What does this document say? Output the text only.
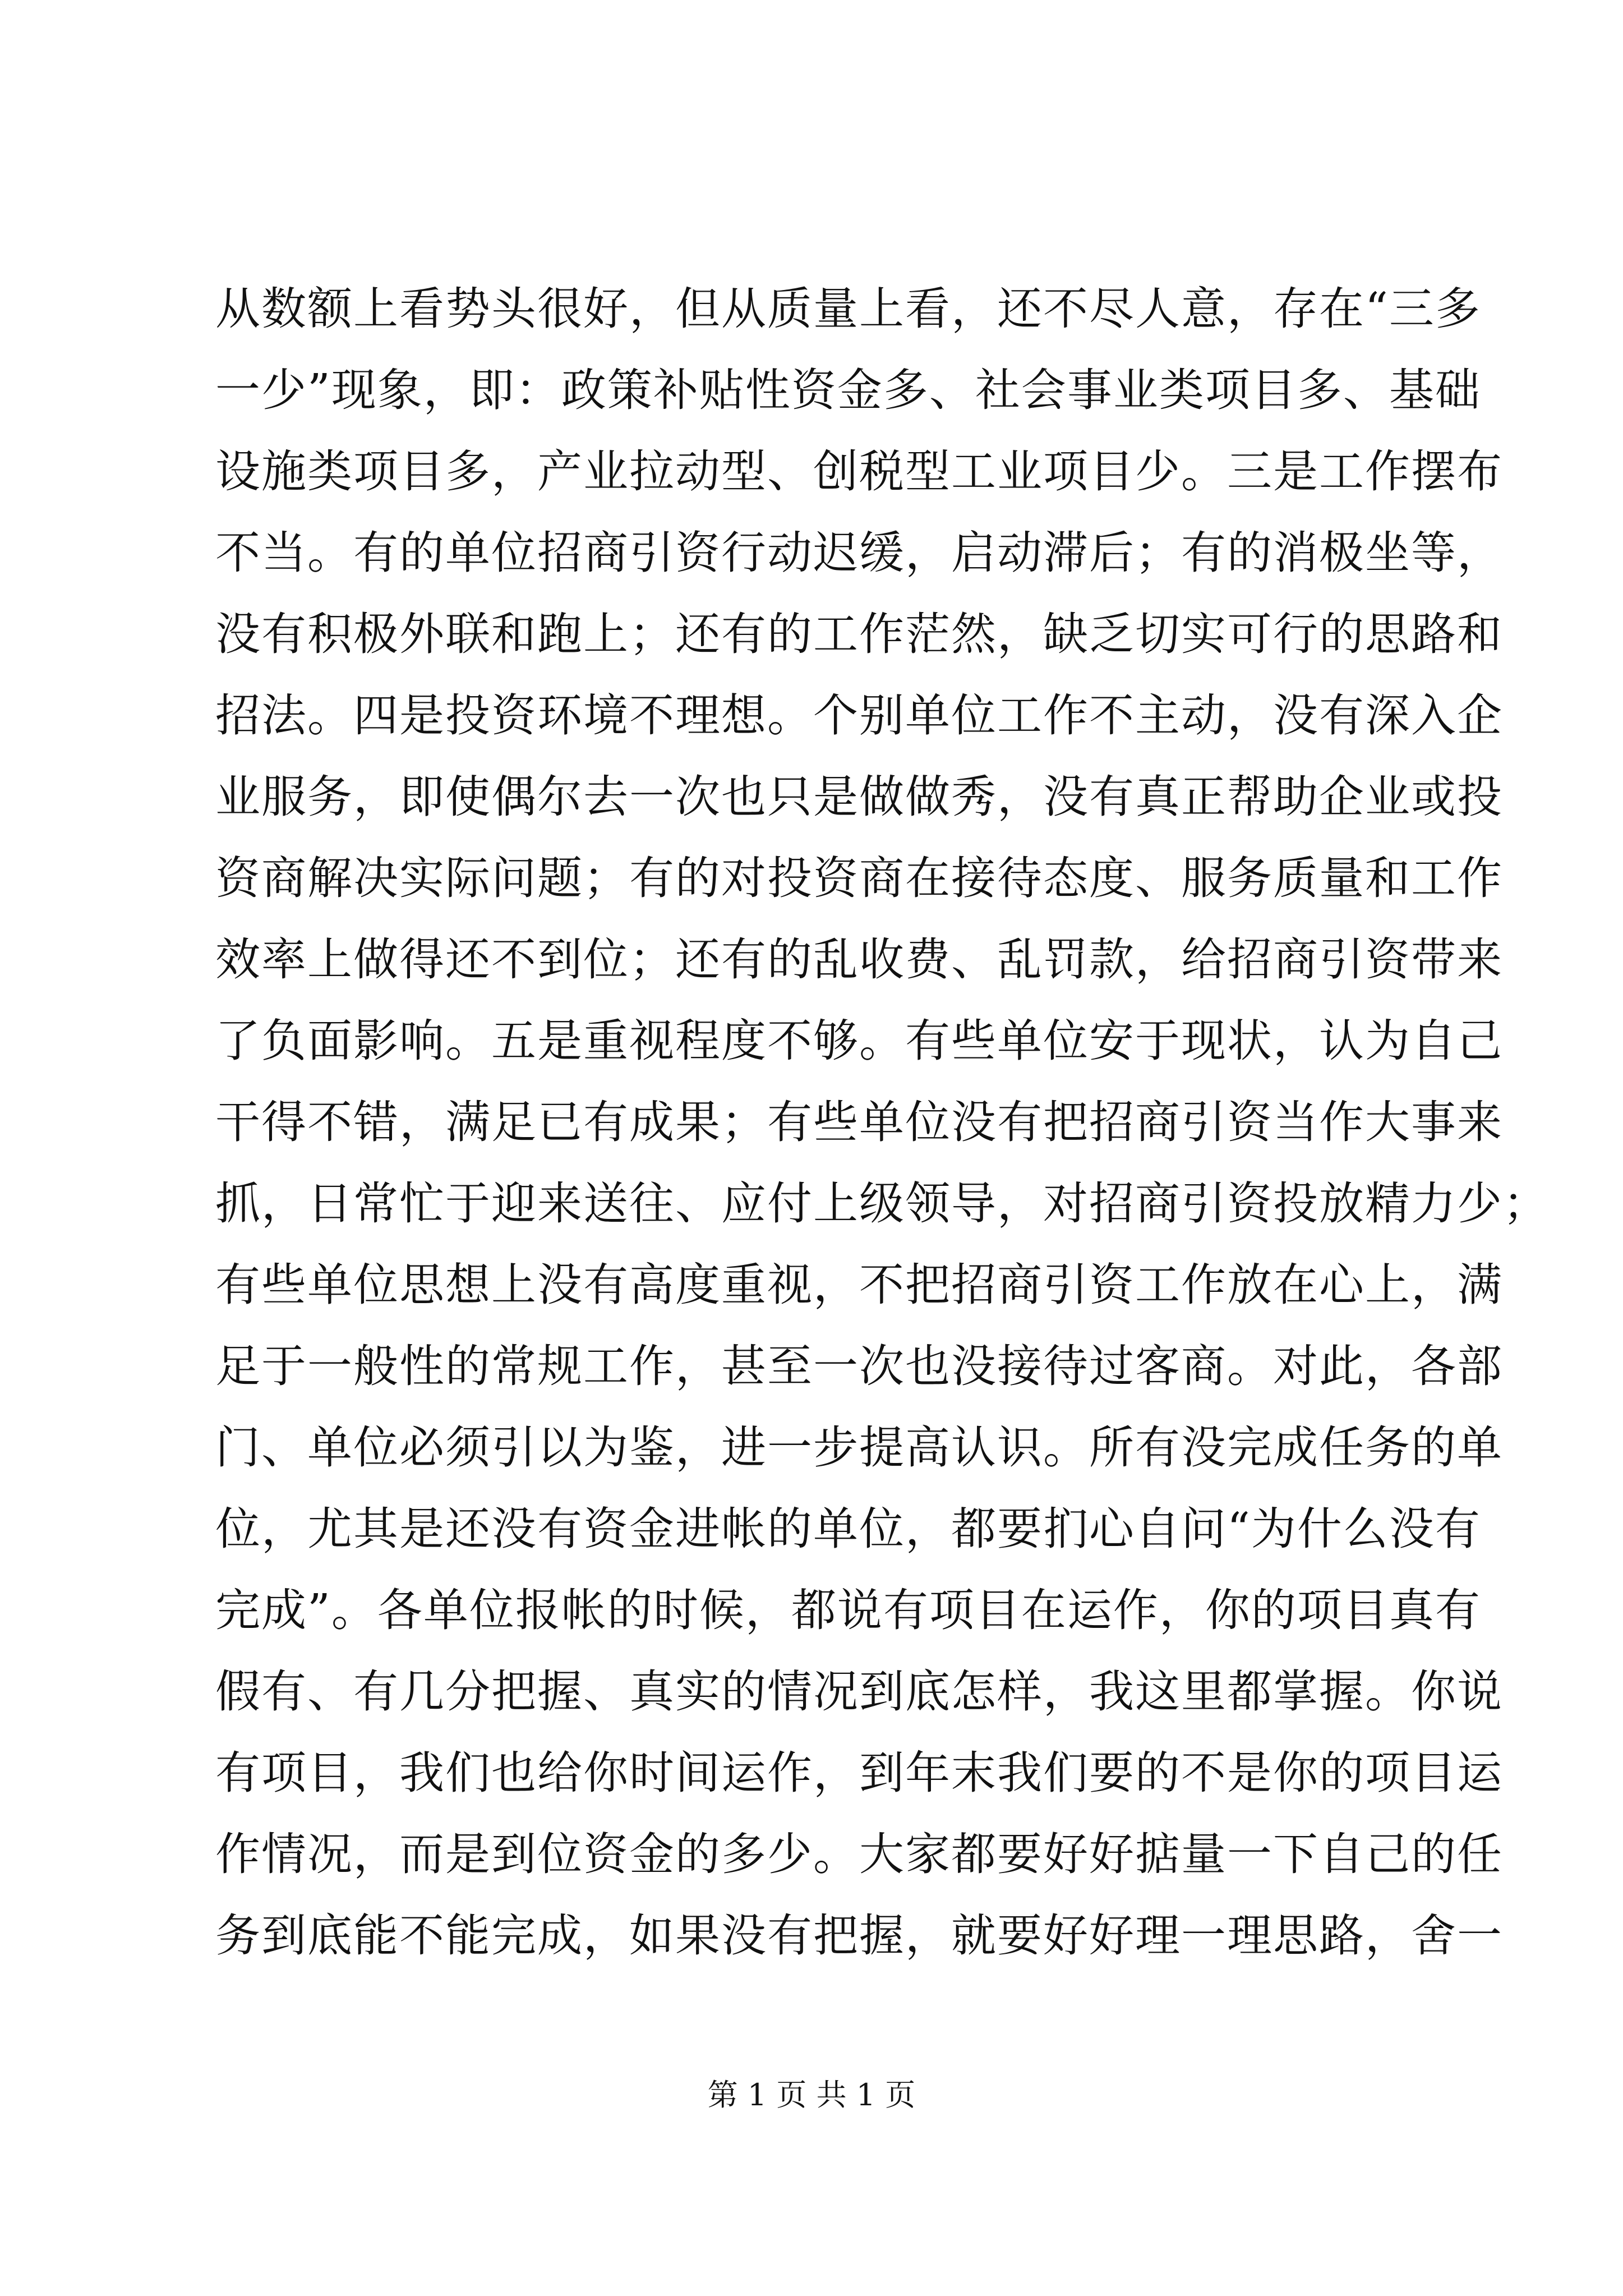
从数额上看势头很好，但从质量上看，还不尽人意，存在“三多
一少”现象，即：政策补贴性资金多、社会事业类项目多、基础
设施类项目多，产业拉动型、创税型工业项目少。三是工作摆布
不当。有的单位招商引资行动迟缓，启动滞后；有的消极坐等，
没有积极外联和跑上；还有的工作茫然，缺乏切实可行的思路和
招法。四是投资环境不理想。个别单位工作不主动，没有深入企
业服务，即使偶尔去一次也只是做做秀，没有真正帮助企业或投
资商解决实际问题；有的对投资商在接待态度、服务质量和工作
效率上做得还不到位；还有的乱收费、乱罚款，给招商引资带来
了负面影响。五是重视程度不够。有些单位安于现状，认为自己
干得不错，满足已有成果；有些单位没有把招商引资当作大事来
抓，日常忙于迎来送往、应付上级领导，对招商引资投放精力少；
有些单位思想上没有高度重视，不把招商引资工作放在心上，满
足于一般性的常规工作，甚至一次也没接待过客商。对此，各部
门、单位必须引以为鉴，进一步提高认识。所有没完成任务的单
位，尤其是还没有资金进帐的单位，都要扪心自问“为什么没有
完成”。各单位报帐的时候，都说有项目在运作，你的项目真有
假有、有几分把握、真实的情况到底怎样，我这里都掌握。你说
有项目，我们也给你时间运作，到年末我们要的不是你的项目运
作情况，而是到位资金的多少。大家都要好好掂量一下自己的任
务到底能不能完成，如果没有把握，就要好好理一理思路，舍一
第 1 页 共 1 页
